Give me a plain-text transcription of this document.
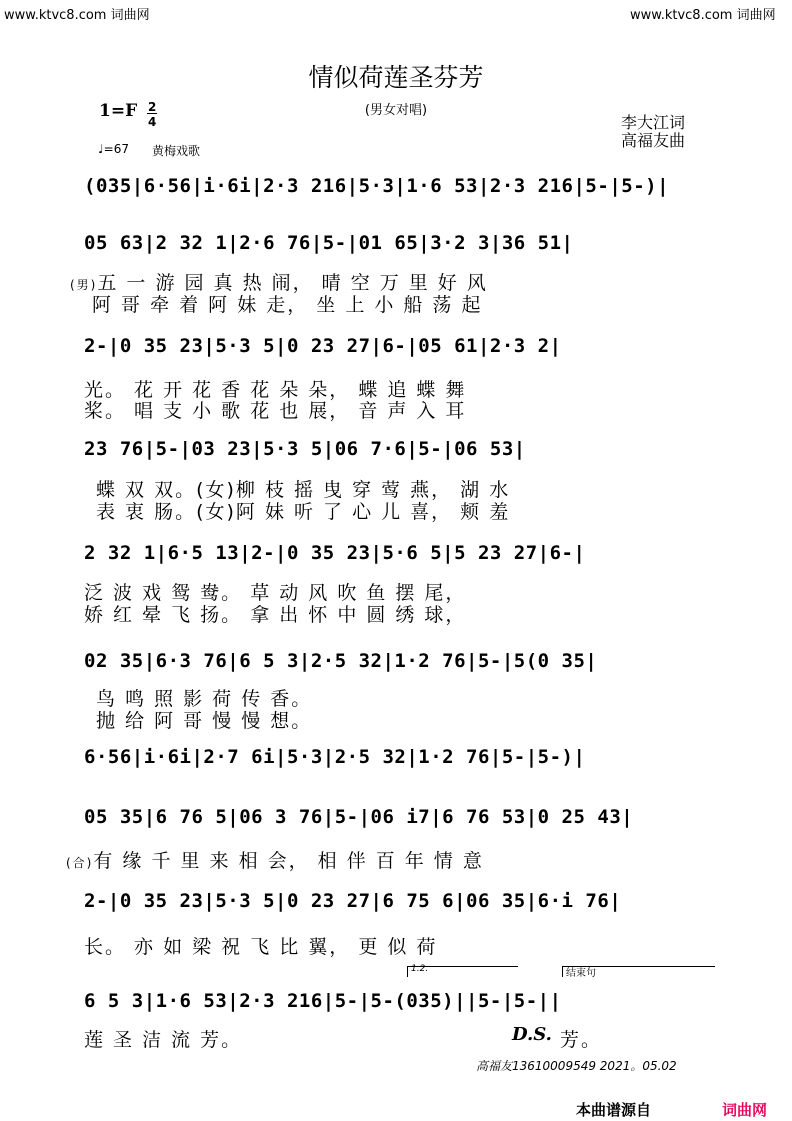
www.ktvc8.com 词曲网	www.ktvc8.com 词曲网
情似荷莲圣芬芳
(男女对唱)
1=F 2
4
♩=67 黄梅戏歌
李大江词
高福友曲
(035|6·56|i·6i|2·3 216|5·3|1·6 53|2·3 216|5-|5-)|
05 63|2 32 1|2·6 76|5-|01 65|3·2 3|36 51|
(男)五 一 游 园 真 热 闹， 晴 空 万 里 好 风
阿 哥 牵 着 阿 妹 走， 坐 上 小 船 荡 起
2-|0 35 23|5·3 5|0 23 27|6-|05 61|2·3 2|
光。 花 开 花 香 花 朵 朵， 蝶 追 蝶 舞
桨。 唱 支 小 歌 花 也 展， 音 声 入 耳
23 76|5-|03 23|5·3 5|06 7·6|5-|06 53|
蝶 双 双。(女)柳 枝 摇 曳 穿 莺 燕， 湖 水
表 衷 肠。(女)阿 妹 听 了 心 儿 喜， 颊 羞
2 32 1|6·5 13|2-|0 35 23|5·6 5|5 23 27|6-|
泛 波 戏 鸳 鸯。 草 动 风 吹 鱼 摆 尾，
娇 红 晕 飞 扬。 拿 出 怀 中 圆 绣 球，
02 35|6·3 76|6 5 3|2·5 32|1·2 76|5-|5(0 35|
鸟 鸣 照 影 荷 传 香。
抛 给 阿 哥 慢 慢 想。
6·56|i·6i|2·7 6i|5·3|2·5 32|1·2 76|5-|5-)|
05 35|6 76 5|06 3 76|5-|06 i7|6 76 53|0 25 43|
(合)有 缘 千 里 来 相 会， 相 伴 百 年 情 意
2-|0 35 23|5·3 5|0 23 27|6 75 6|06 35|6·i 76|
长。 亦 如 梁 祝 飞 比 翼， 更 似 荷
1.2.	结束句
6 5 3|1·6 53|2·3 216|5-|5-(035)||5-|5-||
莲 圣 洁 流 芳。	D.S. 芳。
高福友13610009549 2021。05.02
本曲谱源自	词曲网
